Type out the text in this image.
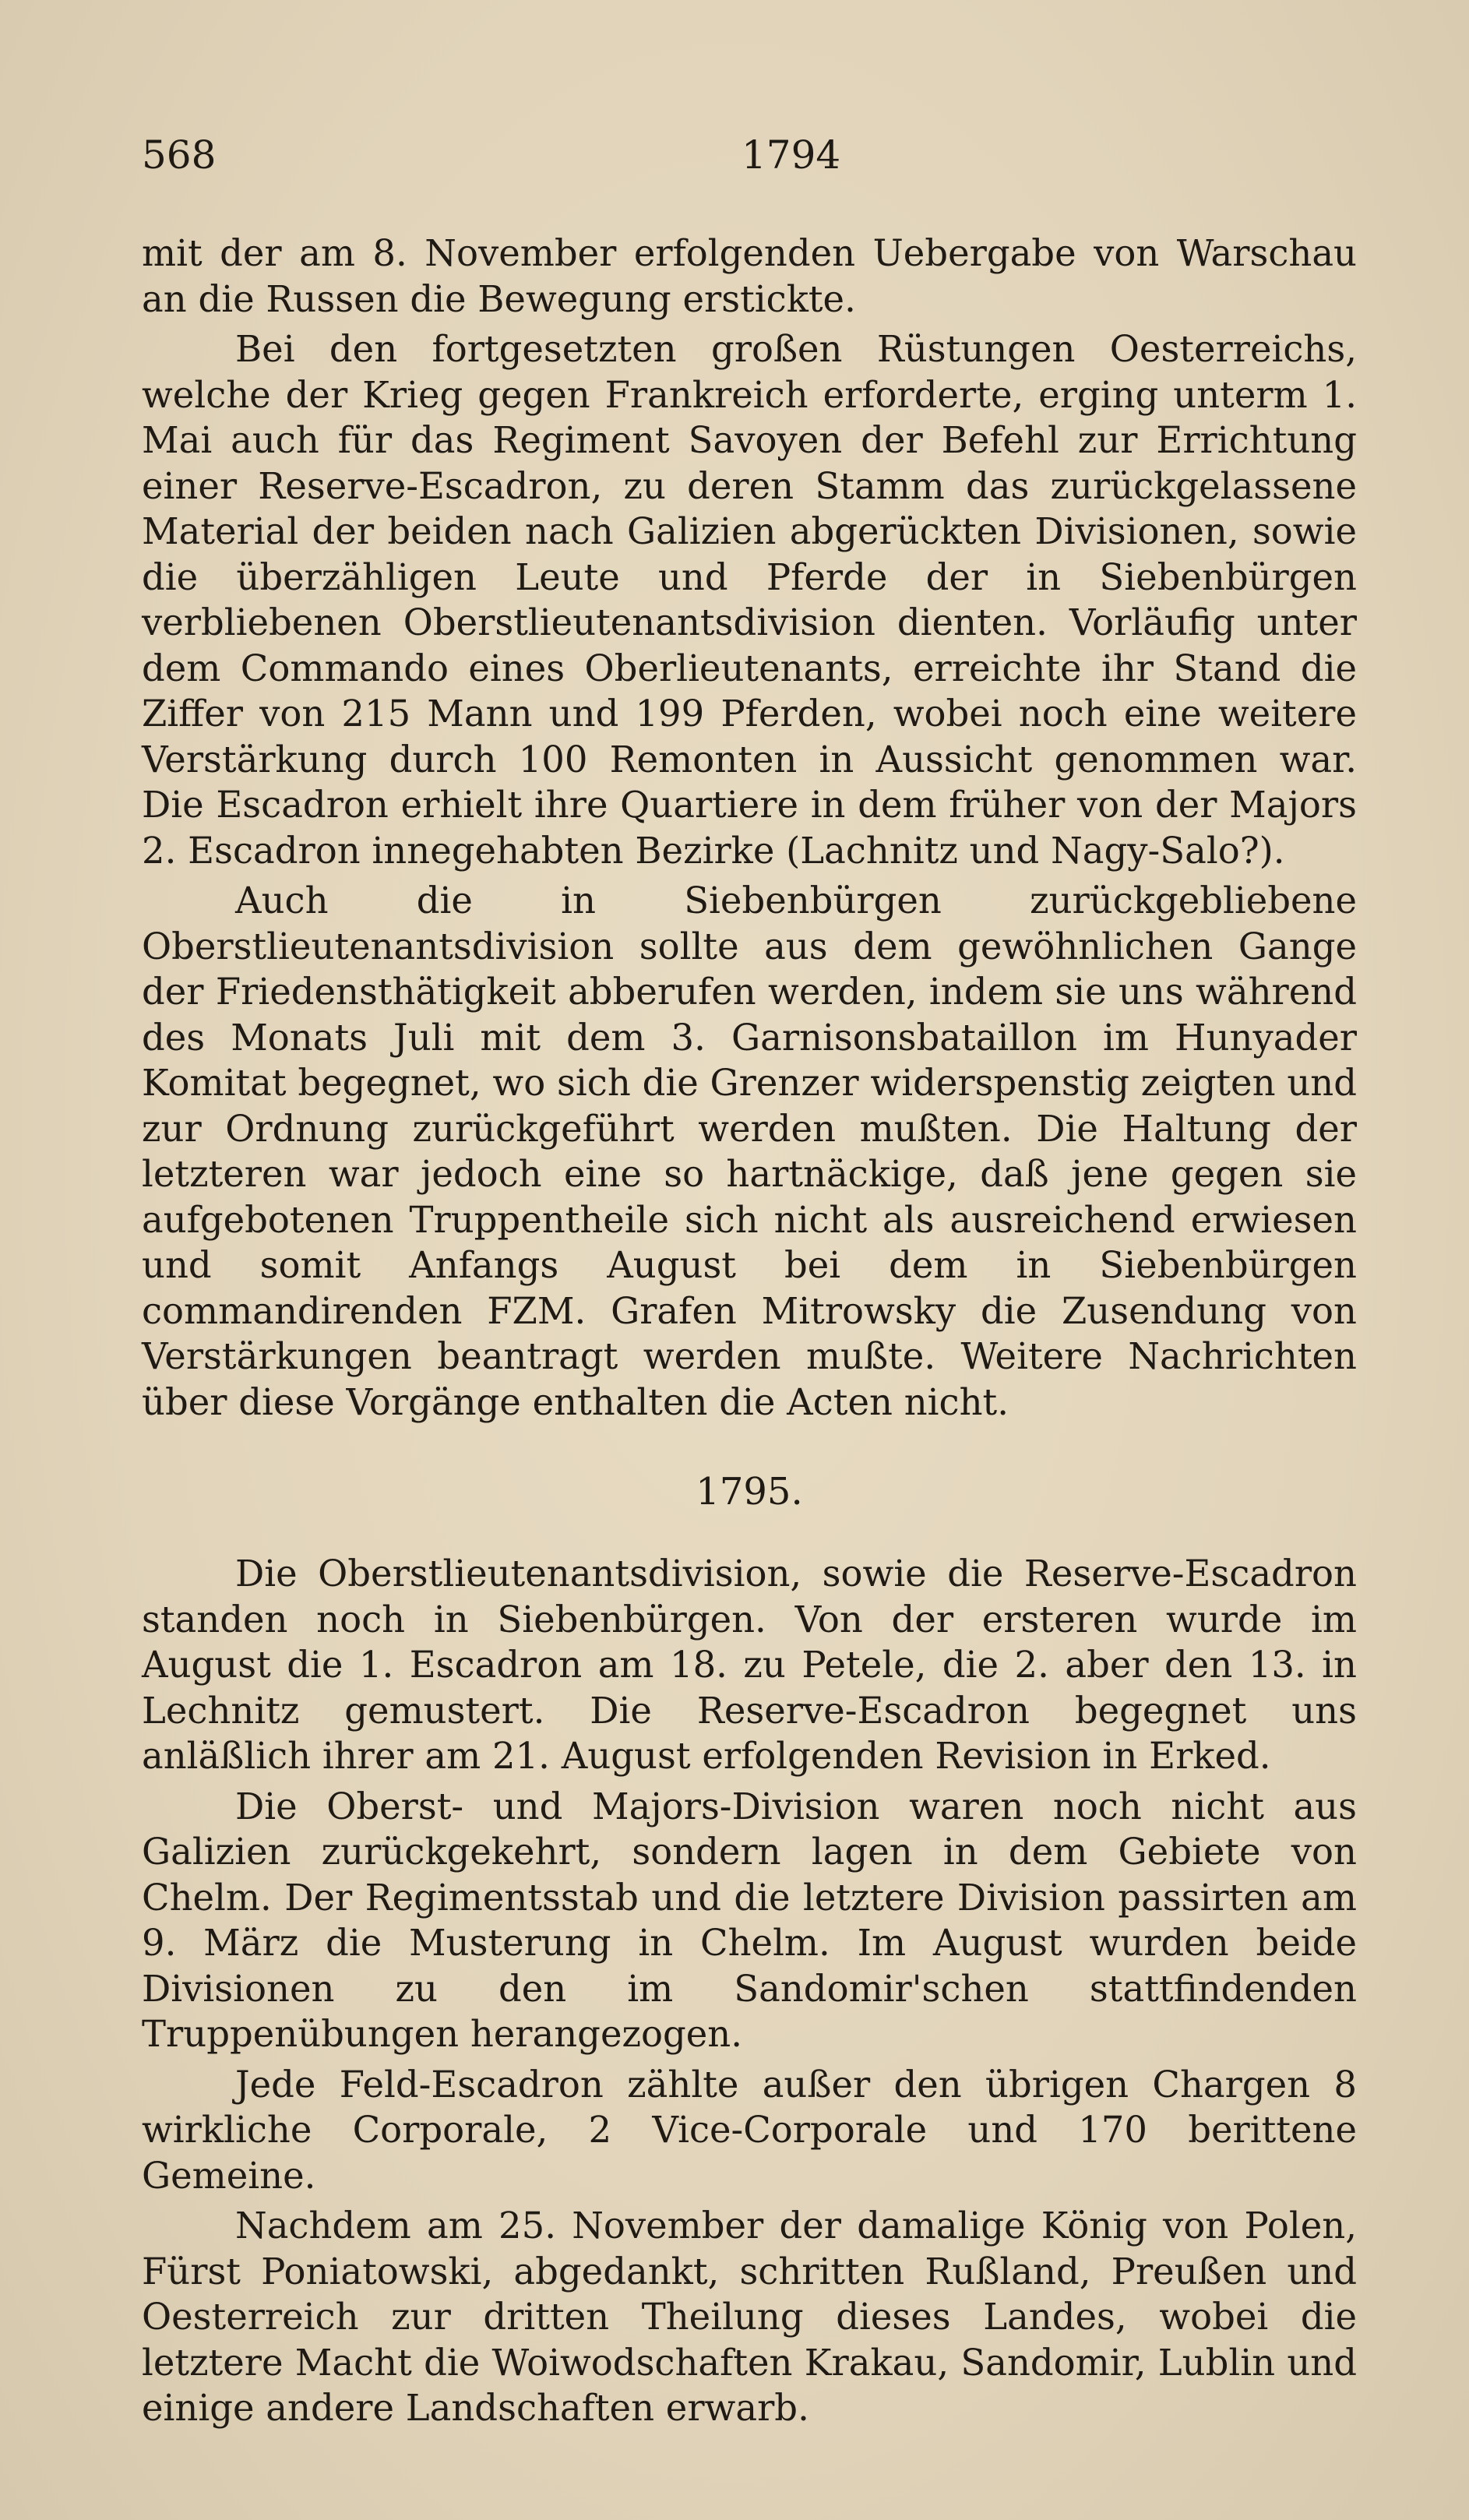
568	1794

mit der am 8. November erfolgenden Uebergabe von Warschau an die Russen die Bewegung erstickte.

Bei den fortgesetzten großen Rüstungen Oesterreichs, welche der Krieg gegen Frankreich erforderte, erging unterm 1. Mai auch für das Regiment Savoyen der Befehl zur Errichtung einer Reserve-Escadron, zu deren Stamm das zurückgelassene Material der beiden nach Galizien abgerückten Divisionen, sowie die überzähligen Leute und Pferde der in Siebenbürgen verbliebenen Oberstlieutenantsdivision dienten. Vorläufig unter dem Commando eines Oberlieutenants, erreichte ihr Stand die Ziffer von 215 Mann und 199 Pferden, wobei noch eine weitere Verstärkung durch 100 Remonten in Aussicht genommen war. Die Escadron erhielt ihre Quartiere in dem früher von der Majors 2. Escadron innegehabten Bezirke (Lachnitz und Nagy-Salo?).

Auch die in Siebenbürgen zurückgebliebene Oberstlieutenantsdivision sollte aus dem gewöhnlichen Gange der Friedensthätigkeit abberufen werden, indem sie uns während des Monats Juli mit dem 3. Garnisonsbataillon im Hunyader Komitat begegnet, wo sich die Grenzer widerspenstig zeigten und zur Ordnung zurückgeführt werden mußten. Die Haltung der letzteren war jedoch eine so hartnäckige, daß jene gegen sie aufgebotenen Truppentheile sich nicht als ausreichend erwiesen und somit Anfangs August bei dem in Siebenbürgen commandirenden FZM. Grafen Mitrowsky die Zusendung von Verstärkungen beantragt werden mußte. Weitere Nachrichten über diese Vorgänge enthalten die Acten nicht.

1795.

Die Oberstlieutenantsdivision, sowie die Reserve-Escadron standen noch in Siebenbürgen. Von der ersteren wurde im August die 1. Escadron am 18. zu Petele, die 2. aber den 13. in Lechnitz gemustert. Die Reserve-Escadron begegnet uns anläßlich ihrer am 21. August erfolgenden Revision in Erked.

Die Oberst- und Majors-Division waren noch nicht aus Galizien zurückgekehrt, sondern lagen in dem Gebiete von Chelm. Der Regimentsstab und die letztere Division passirten am 9. März die Musterung in Chelm. Im August wurden beide Divisionen zu den im Sandomir'schen stattfindenden Truppenübungen herangezogen.

Jede Feld-Escadron zählte außer den übrigen Chargen 8 wirkliche Corporale, 2 Vice-Corporale und 170 berittene Gemeine.

Nachdem am 25. November der damalige König von Polen, Fürst Poniatowski, abgedankt, schritten Rußland, Preußen und Oesterreich zur dritten Theilung dieses Landes, wobei die letztere Macht die Woiwodschaften Krakau, Sandomir, Lublin und einige andere Landschaften erwarb.
